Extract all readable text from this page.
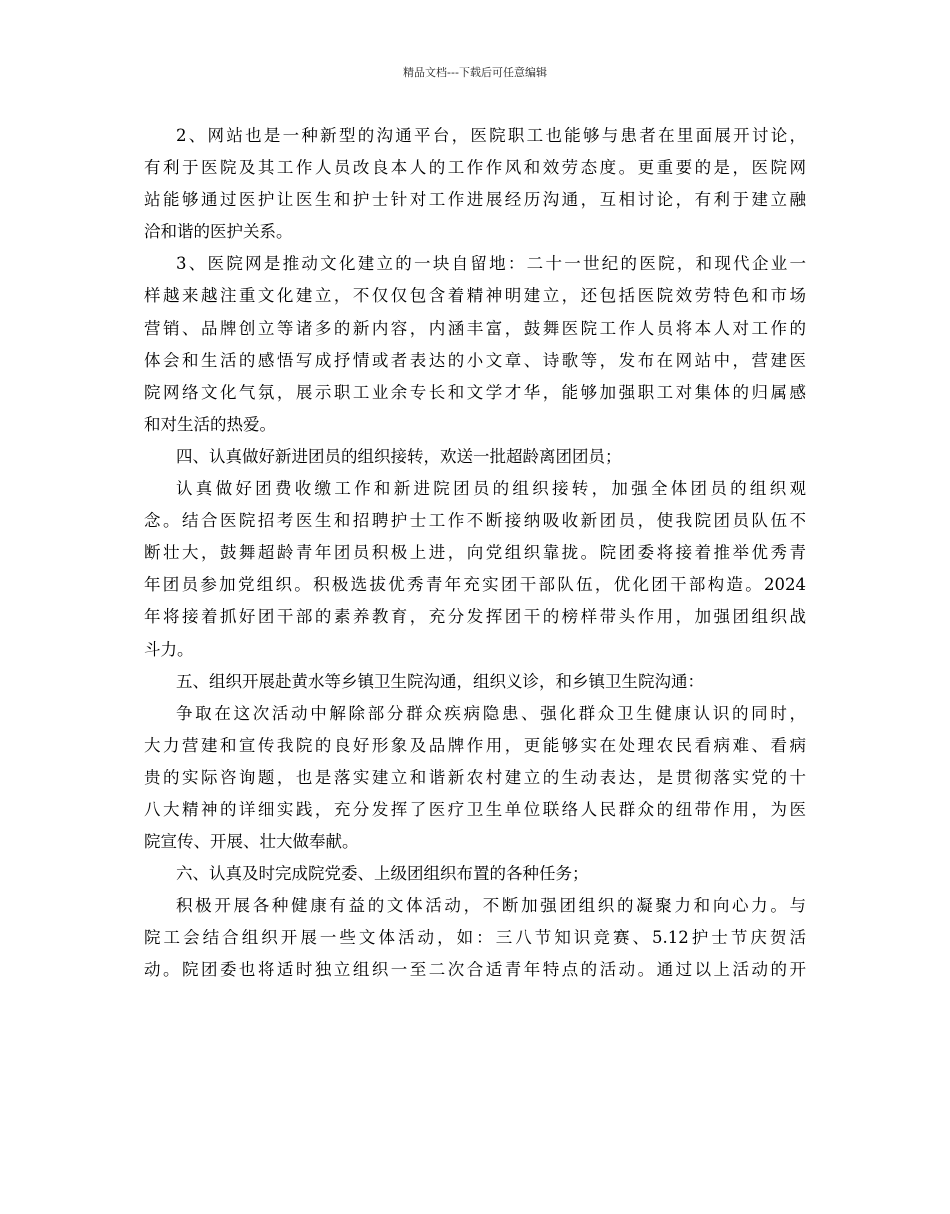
精品文档---下载后可任意编辑
2、网站也是一种新型的沟通平台，医院职工也能够与患者在里面展开讨论，
有利于医院及其工作人员改良本人的工作作风和效劳态度。更重要的是，医院网
站能够通过医护让医生和护士针对工作进展经历沟通，互相讨论，有利于建立融
洽和谐的医护关系。
3、医院网是推动文化建立的一块自留地：二十一世纪的医院，和现代企业一
样越来越注重文化建立，不仅仅包含着精神明建立，还包括医院效劳特色和市场
营销、品牌创立等诸多的新内容，内涵丰富，鼓舞医院工作人员将本人对工作的
体会和生活的感悟写成抒情或者表达的小文章、诗歌等，发布在网站中，营建医
院网络文化气氛，展示职工业余专长和文学才华，能够加强职工对集体的归属感
和对生活的热爱。
四、认真做好新进团员的组织接转，欢送一批超龄离团团员；
认真做好团费收缴工作和新进院团员的组织接转，加强全体团员的组织观
念。结合医院招考医生和招聘护士工作不断接纳吸收新团员，使我院团员队伍不
断壮大，鼓舞超龄青年团员积极上进，向党组织靠拢。院团委将接着推举优秀青
年团员参加党组织。积极选拔优秀青年充实团干部队伍，优化团干部构造。2024
年将接着抓好团干部的素养教育，充分发挥团干的榜样带头作用，加强团组织战
斗力。
五、组织开展赴黄水等乡镇卫生院沟通，组织义诊，和乡镇卫生院沟通：
争取在这次活动中解除部分群众疾病隐患、强化群众卫生健康认识的同时，
大力营建和宣传我院的良好形象及品牌作用，更能够实在处理农民看病难、看病
贵的实际咨询题，也是落实建立和谐新农村建立的生动表达，是贯彻落实党的十
八大精神的详细实践，充分发挥了医疗卫生单位联络人民群众的纽带作用，为医
院宣传、开展、壮大做奉献。
六、认真及时完成院党委、上级团组织布置的各种任务；
积极开展各种健康有益的文体活动，不断加强团组织的凝聚力和向心力。与
院工会结合组织开展一些文体活动，如：三八节知识竞赛、5.12护士节庆贺活
动。院团委也将适时独立组织一至二次合适青年特点的活动。通过以上活动的开
